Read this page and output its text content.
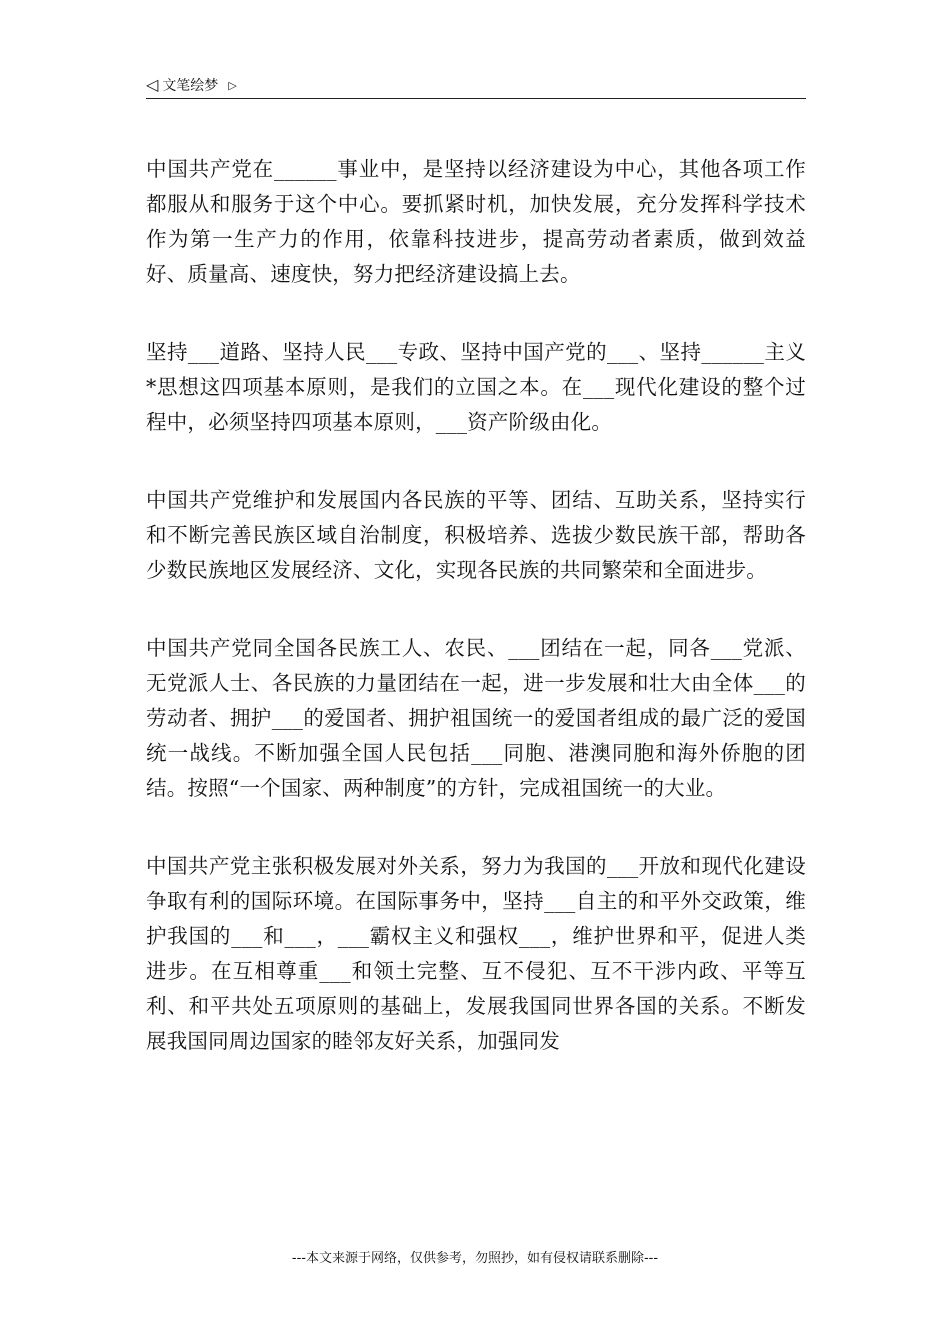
◁ 文笔绘梦 ▷

中国共产党在______事业中，是坚持以经济建设为中心，其他各项工作都服从和服务于这个中心。要抓紧时机，加快发展，充分发挥科学技术作为第一生产力的作用，依靠科技进步，提高劳动者素质，做到效益好、质量高、速度快，努力把经济建设搞上去。

坚持___道路、坚持人民___专政、坚持中国产党的___、坚持______主义*思想这四项基本原则，是我们的立国之本。在___现代化建设的整个过程中，必须坚持四项基本原则，___资产阶级由化。

中国共产党维护和发展国内各民族的平等、团结、互助关系，坚持实行和不断完善民族区域自治制度，积极培养、选拔少数民族干部，帮助各少数民族地区发展经济、文化，实现各民族的共同繁荣和全面进步。

中国共产党同全国各民族工人、农民、___团结在一起，同各___党派、无党派人士、各民族的力量团结在一起，进一步发展和壮大由全体___的劳动者、拥护___的爱国者、拥护祖国统一的爱国者组成的最广泛的爱国统一战线。不断加强全国人民包括___同胞、港澳同胞和海外侨胞的团结。按照“一个国家、两种制度”的方针，完成祖国统一的大业。

中国共产党主张积极发展对外关系，努力为我国的___开放和现代化建设争取有利的国际环境。在国际事务中，坚持___自主的和平外交政策，维护我国的___和___，___霸权主义和强权___，维护世界和平，促进人类进步。在互相尊重___和领土完整、互不侵犯、互不干涉内政、平等互利、和平共处五项原则的基础上，发展我国同世界各国的关系。不断发展我国同周边国家的睦邻友好关系，加强同发

---本文来源于网络，仅供参考，勿照抄，如有侵权请联系删除---
